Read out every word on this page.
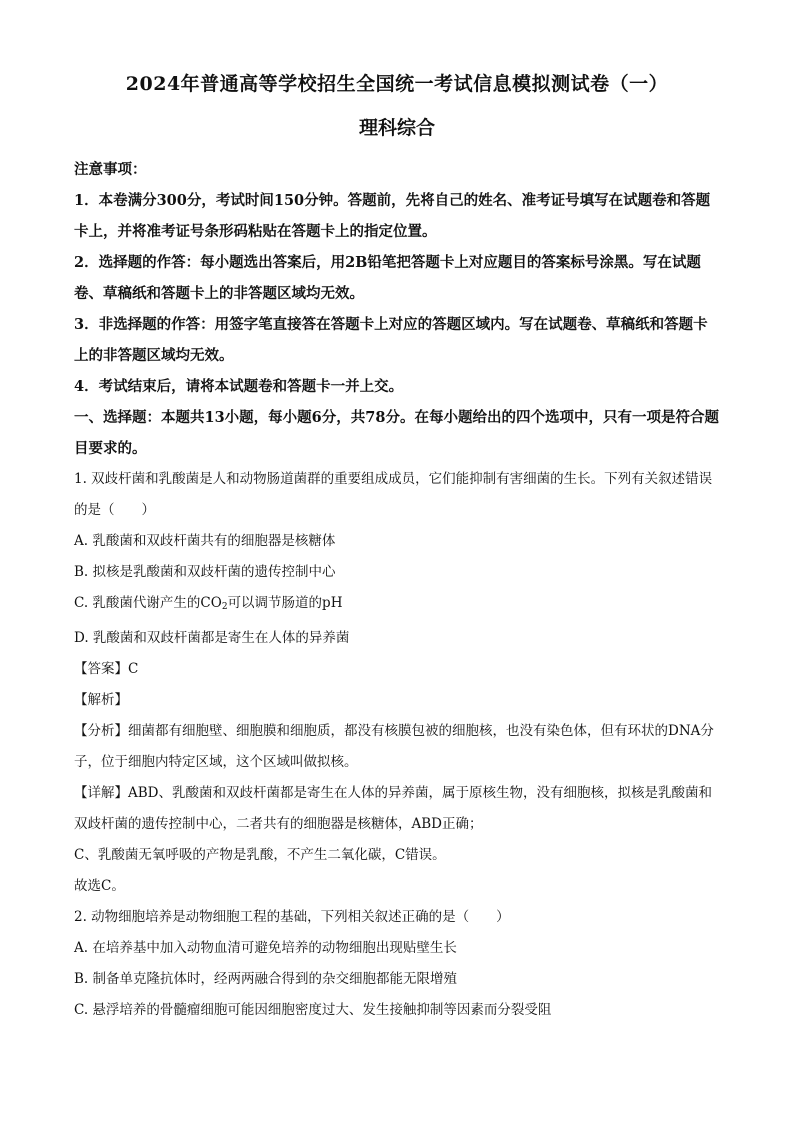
2024年普通高等学校招生全国统一考试信息模拟测试卷（一）

理科综合

注意事项：

1．本卷满分300分，考试时间150分钟。答题前，先将自己的姓名、准考证号填写在试题卷和答题卡上，并将准考证号条形码粘贴在答题卡上的指定位置。

2．选择题的作答：每小题选出答案后，用2B铅笔把答题卡上对应题目的答案标号涂黑。写在试题卷、草稿纸和答题卡上的非答题区域均无效。

3．非选择题的作答：用签字笔直接答在答题卡上对应的答题区域内。写在试题卷、草稿纸和答题卡上的非答题区域均无效。

4．考试结束后，请将本试题卷和答题卡一并上交。

一、选择题：本题共13小题，每小题6分，共78分。在每小题给出的四个选项中，只有一项是符合题目要求的。

1. 双歧杆菌和乳酸菌是人和动物肠道菌群的重要组成成员，它们能抑制有害细菌的生长。下列有关叙述错误的是（　　）

A. 乳酸菌和双歧杆菌共有的细胞器是核糖体

B. 拟核是乳酸菌和双歧杆菌的遗传控制中心

C. 乳酸菌代谢产生的$CO_2$可以调节肠道的pH

D. 乳酸菌和双歧杆菌都是寄生在人体的异养菌

【答案】C

【解析】

【分析】细菌都有细胞壁、细胞膜和细胞质，都没有核膜包被的细胞核，也没有染色体，但有环状的DNA分子，位于细胞内特定区域，这个区域叫做拟核。

【详解】ABD、乳酸菌和双歧杆菌都是寄生在人体的异养菌，属于原核生物，没有细胞核，拟核是乳酸菌和双歧杆菌的遗传控制中心，二者共有的细胞器是核糖体，ABD正确；

C、乳酸菌无氧呼吸的产物是乳酸，不产生二氧化碳，C错误。

故选C。

2. 动物细胞培养是动物细胞工程的基础，下列相关叙述正确的是（　　）

A. 在培养基中加入动物血清可避免培养的动物细胞出现贴壁生长

B. 制备单克隆抗体时，经两两融合得到的杂交细胞都能无限增殖

C. 悬浮培养的骨髓瘤细胞可能因细胞密度过大、发生接触抑制等因素而分裂受阻
